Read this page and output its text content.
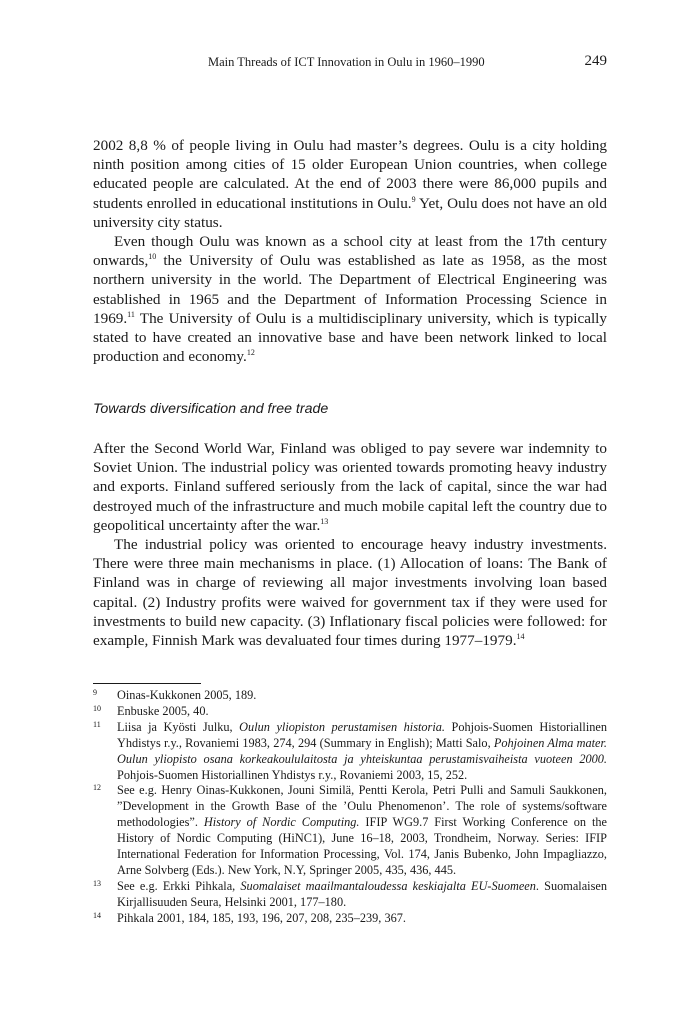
Main Threads of ICT Innovation in Oulu in 1960–1990	249

2002 8,8 % of people living in Oulu had master’s degrees. Oulu is a city holding ninth position among cities of 15 older European Union countries, when college educated people are calculated. At the end of 2003 there were 86,000 pupils and students enrolled in educational institutions in Oulu.$^9$ Yet, Oulu does not have an old university city status.

Even though Oulu was known as a school city at least from the 17th century onwards,$^{10}$ the University of Oulu was established as late as 1958, as the most northern university in the world. The Department of Electrical Engineering was established in 1965 and the Department of Information Processing Science in 1969.11 The University of Oulu is a multidisciplinary university, which is typically stated to have created an innovative base and have been network linked to local production and economy.$^{12}$

Towards diversification and free trade

After the Second World War, Finland was obliged to pay severe war indemnity to Soviet Union. The industrial policy was oriented towards promoting heavy industry and exports. Finland suffered seriously from the lack of capital, since the war had destroyed much of the infrastructure and much mobile capital left the country due to geopolitical uncertainty after the war.$^{13}$

The industrial policy was oriented to encourage heavy industry investments. There were three main mechanisms in place. (1) Allocation of loans: The Bank of Finland was in charge of reviewing all major investments involving loan based capital. (2) Industry profits were waived for government tax if they were used for investments to build new capacity. (3) Inflationary fiscal policies were followed: for example, Finnish Mark was devaluated four times during 1977–1979.14

9 Oinas-Kukkonen 2005, 189.
10 Enbuske 2005, 40.
11 Liisa ja Kyösti Julku, Oulun yliopiston perustamisen historia. Pohjois-Suomen Historiallinen Yhdistys r.y., Rovaniemi 1983, 274, 294 (Summary in English); Matti Salo, Pohjoinen Alma mater. Oulun yliopisto osana korkeakoululaitosta ja yhteiskuntaa perustamisvaiheista vuoteen 2000. Pohjois-Suomen Historiallinen Yhdistys r.y., Rovaniemi 2003, 15, 252.
12 See e.g. Henry Oinas-Kukkonen, Jouni Similä, Pentti Kerola, Petri Pulli and Samuli Saukkonen, ”Development in the Growth Base of the ’Oulu Phenomenon’. The role of systems/software methodologies”. History of Nordic Computing. IFIP WG9.7 First Working Conference on the History of Nordic Computing (HiNC1), June 16–18, 2003, Trondheim, Norway. Series: IFIP International Federation for Information Processing, Vol. 174, Janis Bubenko, John Impagliazzo, Arne Solvberg (Eds.). New York, N.Y, Springer 2005, 435, 436, 445.
13 See e.g. Erkki Pihkala, Suomalaiset maailmantaloudessa keskiajalta EU-Suomeen. Suomalaisen Kirjallisuuden Seura, Helsinki 2001, 177–180.
14 Pihkala 2001, 184, 185, 193, 196, 207, 208, 235–239, 367.
